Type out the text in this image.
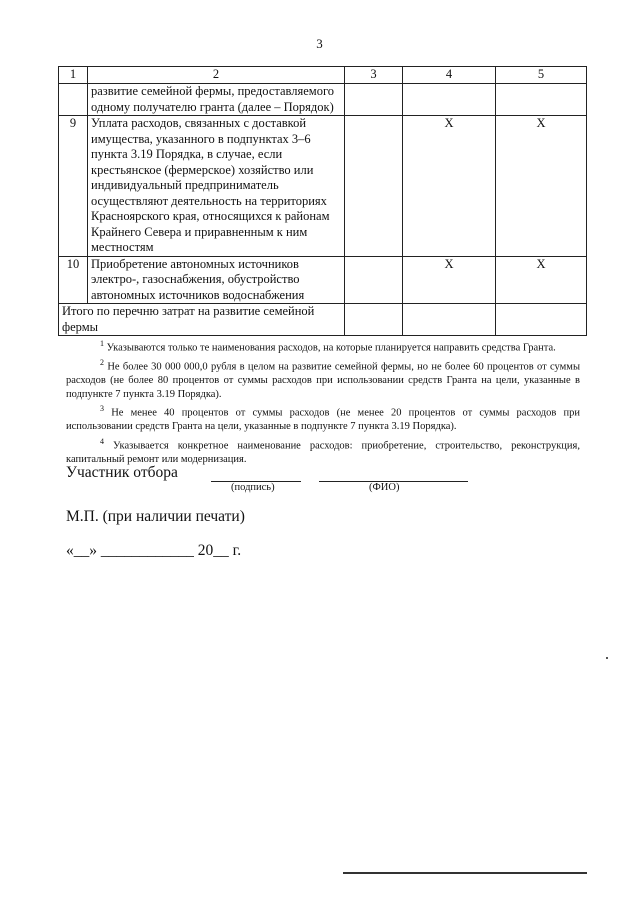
3
1	2	3	4	5
	развитие семейной фермы, предоставляемого одному получателю гранта (далее – Порядок)			
9	Уплата расходов, связанных с доставкой имущества, указанного в подпунктах 3–6 пункта 3.19 Порядка, в случае, если крестьянское (фермерское) хозяйство или индивидуальный предприниматель осуществляют деятельность на территориях Красноярского края, относящихся к районам Крайнего Севера и приравненным к ним местностям		X	X
10	Приобретение автономных источников электро-, газоснабжения, обустройство автономных источников водоснабжения		X	X
Итого по перечню затрат на развитие семейной фермы				

$^1$ Указываются только те наименования расходов, на которые планируется направить средства Гранта.

$^2$ Не более 30 000 000,0 рубля в целом на развитие семейной фермы, но не более 60 процентов от суммы расходов (не более 80 процентов от суммы расходов при использовании средств Гранта на цели, указанные в подпункте 7 пункта 3.19 Порядка).

$^3$ Не менее 40 процентов от суммы расходов (не менее 20 процентов от суммы расходов при использовании средств Гранта на цели, указанные в подпункте 7 пункта 3.19 Порядка).

$^4$ Указывается конкретное наименование расходов: приобретение, строительство, реконструкция, капитальный ремонт или модернизация.

Участник отбора
(подпись)	(ФИО)
М.П. (при наличии печати)
«__» ____________ 20__ г.
